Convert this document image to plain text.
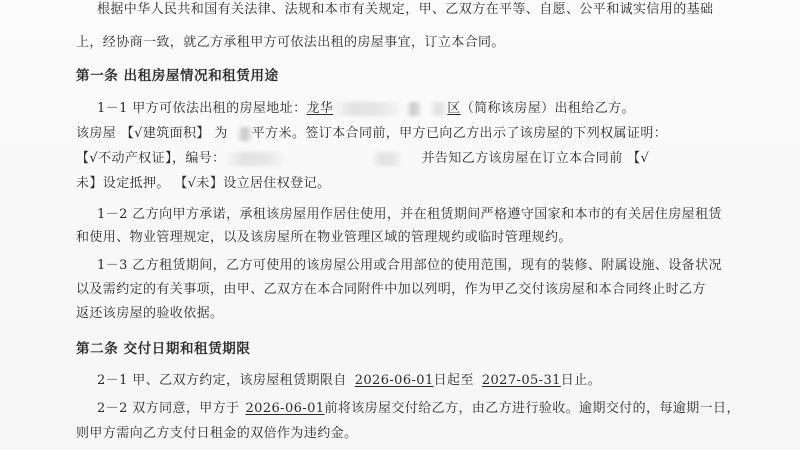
根据中华人民共和国有关法律、法规和本市有关规定，甲、乙双方在平等、自愿、公平和诚实信用的基础
上，经协商一致，就乙方承租甲方可依法出租的房屋事宜，订立本合同。
第一条 出租房屋情况和租赁用途
1－1 甲方可依法出租的房屋地址：龙华	区（简称该房屋）出租给乙方。
该房屋 【√建筑面积】 为 平方米。签订本合同前，甲方已向乙方出示了该房屋的下列权属证明：
【√不动产权证】，编号：	并告知乙方该房屋在订立本合同前 【√
未】设定抵押。 【√未】设立居住权登记。
1－2 乙方向甲方承诺，承租该房屋用作居住使用，并在租赁期间严格遵守国家和本市的有关居住房屋租赁
和使用、物业管理规定，以及该房屋所在物业管理区域的管理规约或临时管理规约。
1－3 乙方租赁期间，乙方可使用的该房屋公用或合用部位的使用范围，现有的装修、附属设施、设备状况
以及需约定的有关事项，由甲、乙双方在本合同附件中加以列明，作为甲乙交付该房屋和本合同终止时乙方
返还该房屋的验收依据。
第二条 交付日期和租赁期限
2－1 甲、乙双方约定，该房屋租赁期限自 2026-06-01日起至 2027-05-31日止。
2－2 双方同意，甲方于 2026-06-01前将该房屋交付给乙方，由乙方进行验收。逾期交付的，每逾期一日，
则甲方需向乙方支付日租金的双倍作为违约金。
